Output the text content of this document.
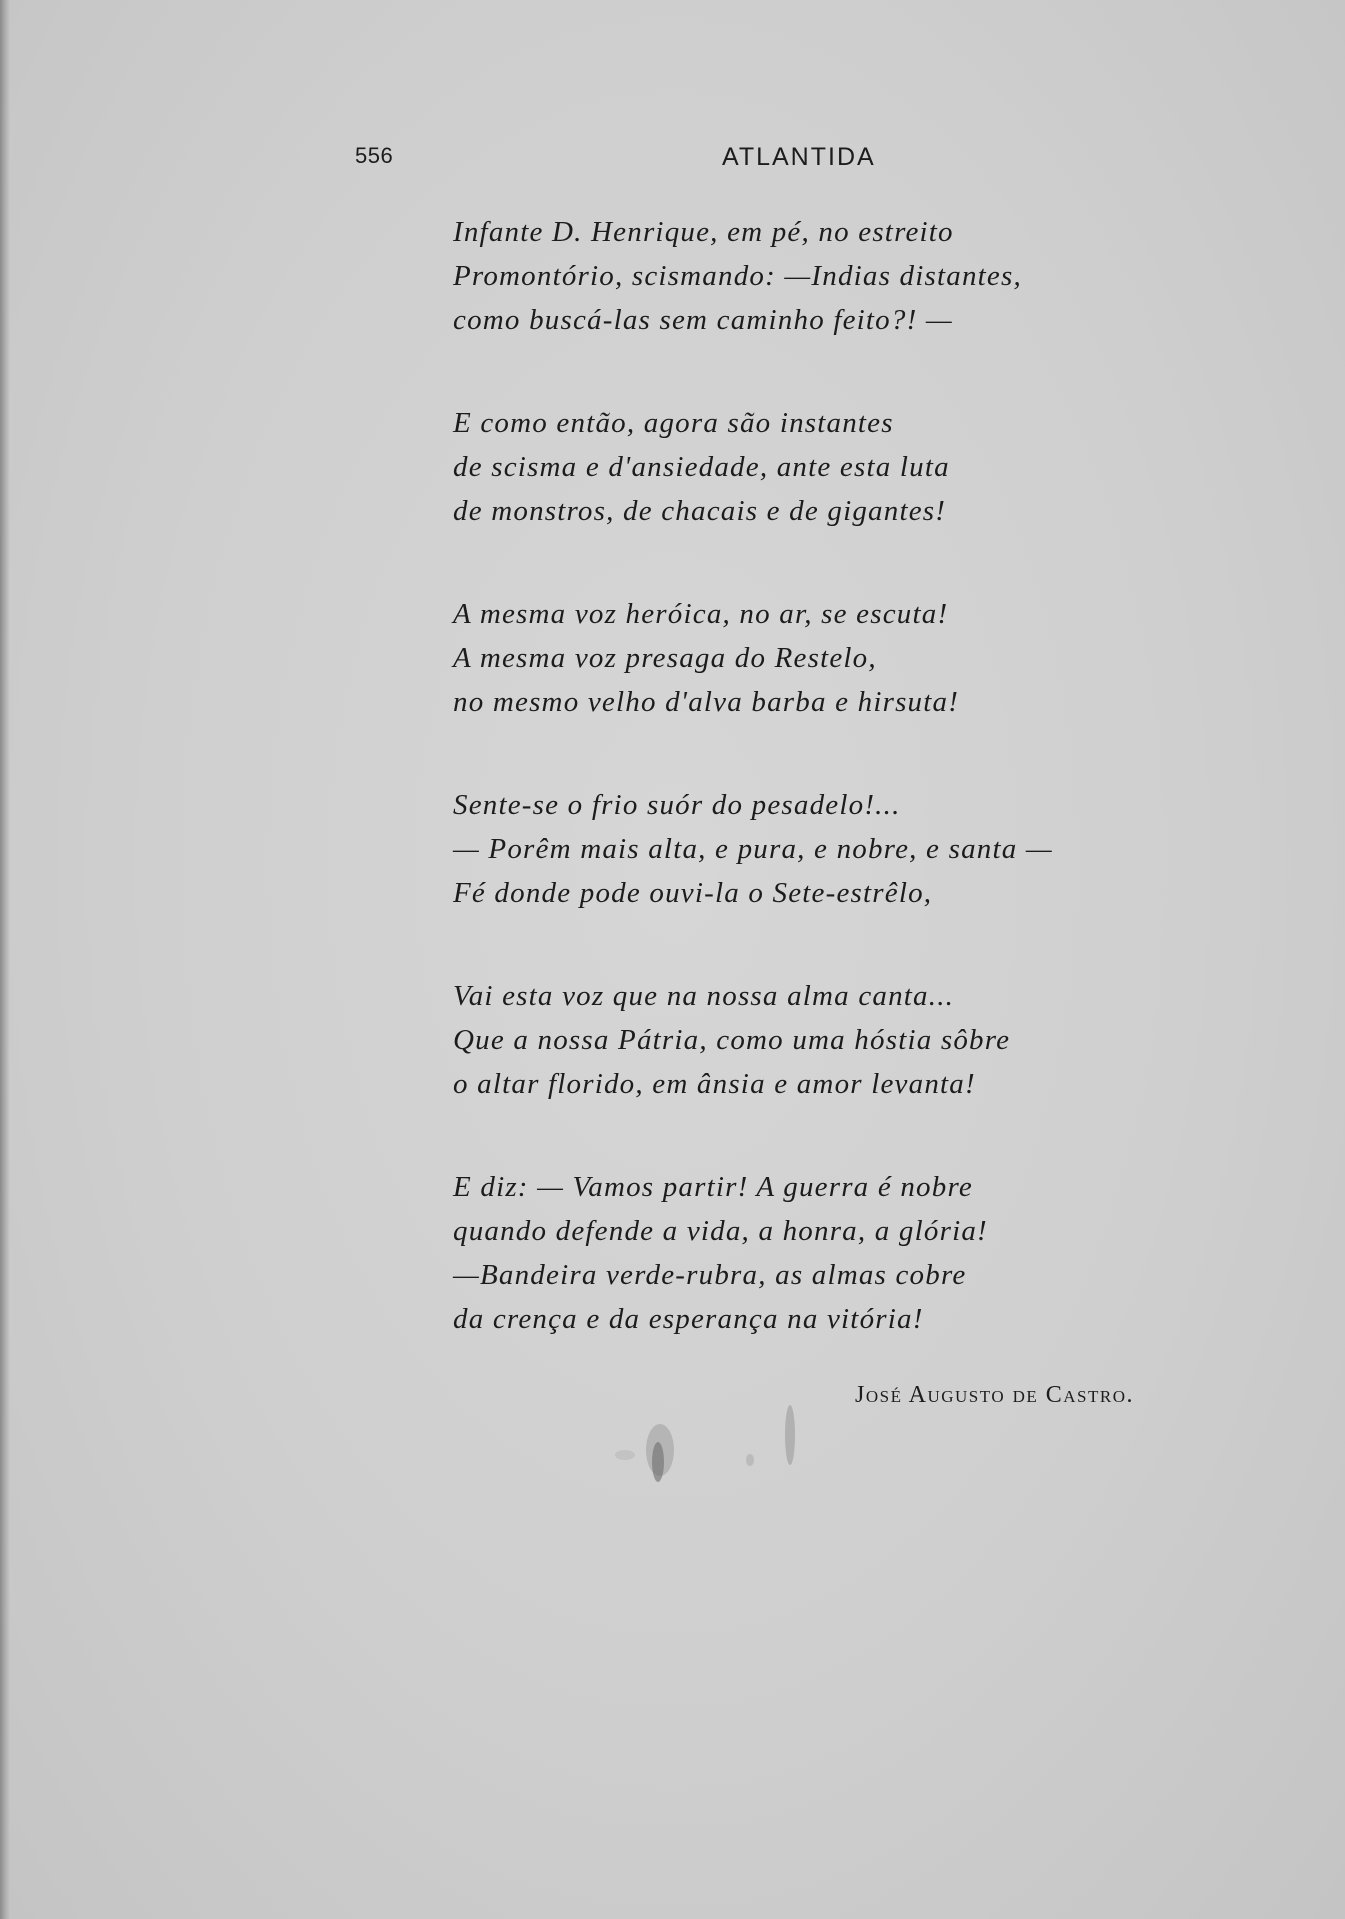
556	ATLANTIDA
Infante D. Henrique, em pé, no estreito
Promontório, scismando: —Indias distantes,
como buscá-las sem caminho feito?! —
E como então, agora são instantes
de scisma e d'ansiedade, ante esta luta
de monstros, de chacais e de gigantes!
A mesma voz heróica, no ar, se escuta!
A mesma voz presaga do Restelo,
no mesmo velho d'alva barba e hirsuta!
Sente-se o frio suór do pesadelo!...
— Porêm mais alta, e pura, e nobre, e santa —
Fé donde pode ouvi-la o Sete-estrêlo,
Vai esta voz que na nossa alma canta...
Que a nossa Pátria, como uma hóstia sôbre
o altar florido, em ânsia e amor levanta!
E diz: — Vamos partir! A guerra é nobre
quando defende a vida, a honra, a glória!
—Bandeira verde-rubra, as almas cobre
da crença e da esperança na vitória!
José Augusto de Castro.
